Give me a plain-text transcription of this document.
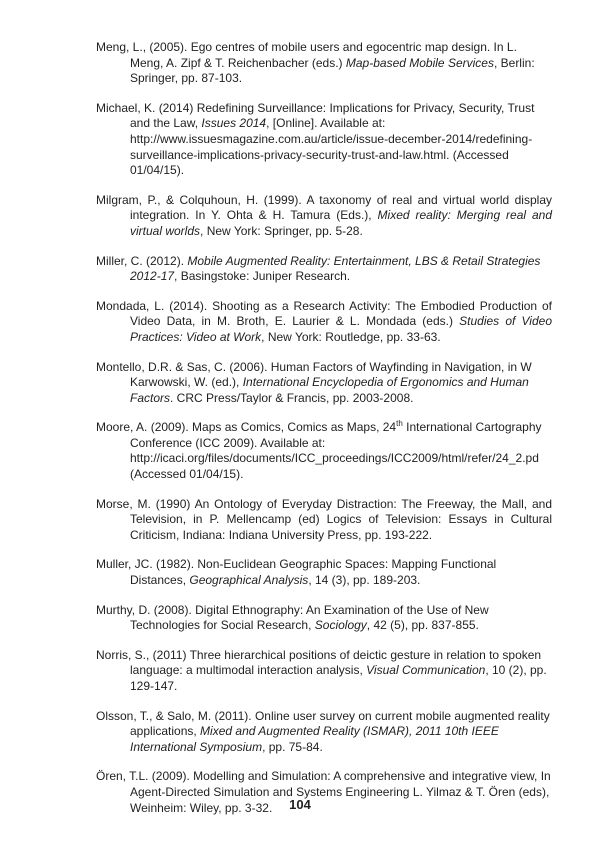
Meng, L., (2005). Ego centres of mobile users and egocentric map design. In L. Meng, A. Zipf & T. Reichenbacher (eds.) Map-based Mobile Services, Berlin: Springer, pp. 87-103.

Michael, K. (2014) Redefining Surveillance: Implications for Privacy, Security, Trust and the Law, Issues 2014, [Online]. Available at: http://www.issuesmagazine.com.au/article/issue-december-2014/redefining-surveillance-implications-privacy-security-trust-and-law.html. (Accessed 01/04/15).

Milgram, P., & Colquhoun, H. (1999). A taxonomy of real and virtual world display integration. In Y. Ohta & H. Tamura (Eds.), Mixed reality: Merging real and virtual worlds, New York: Springer, pp. 5-28.

Miller, C. (2012). Mobile Augmented Reality: Entertainment, LBS & Retail Strategies 2012-17, Basingstoke: Juniper Research.

Mondada, L. (2014). Shooting as a Research Activity: The Embodied Production of Video Data, in M. Broth, E. Laurier & L. Mondada (eds.) Studies of Video Practices: Video at Work, New York: Routledge, pp. 33-63.

Montello, D.R. & Sas, C. (2006). Human Factors of Wayfinding in Navigation, in W Karwowski, W. (ed.), International Encyclopedia of Ergonomics and Human Factors. CRC Press/Taylor & Francis, pp. 2003-2008.

Moore, A. (2009). Maps as Comics, Comics as Maps, 24th International Cartography Conference (ICC 2009). Available at: http://icaci.org/files/documents/ICC_proceedings/ICC2009/html/refer/24_2.pd (Accessed 01/04/15).

Morse, M. (1990) An Ontology of Everyday Distraction: The Freeway, the Mall, and Television, in P. Mellencamp (ed) Logics of Television: Essays in Cultural Criticism, Indiana: Indiana University Press, pp. 193-222.

Muller, JC. (1982). Non-Euclidean Geographic Spaces: Mapping Functional Distances, Geographical Analysis, 14 (3), pp. 189-203.

Murthy, D. (2008). Digital Ethnography: An Examination of the Use of New Technologies for Social Research, Sociology, 42 (5), pp. 837-855.

Norris, S., (2011) Three hierarchical positions of deictic gesture in relation to spoken language: a multimodal interaction analysis, Visual Communication, 10 (2), pp. 129-147.

Olsson, T., & Salo, M. (2011). Online user survey on current mobile augmented reality applications, Mixed and Augmented Reality (ISMAR), 2011 10th IEEE International Symposium, pp. 75-84.

Ören, T.L. (2009). Modelling and Simulation: A comprehensive and integrative view, In Agent-Directed Simulation and Systems Engineering L. Yilmaz & T. Ören (eds), Weinheim: Wiley, pp. 3-32.	104
